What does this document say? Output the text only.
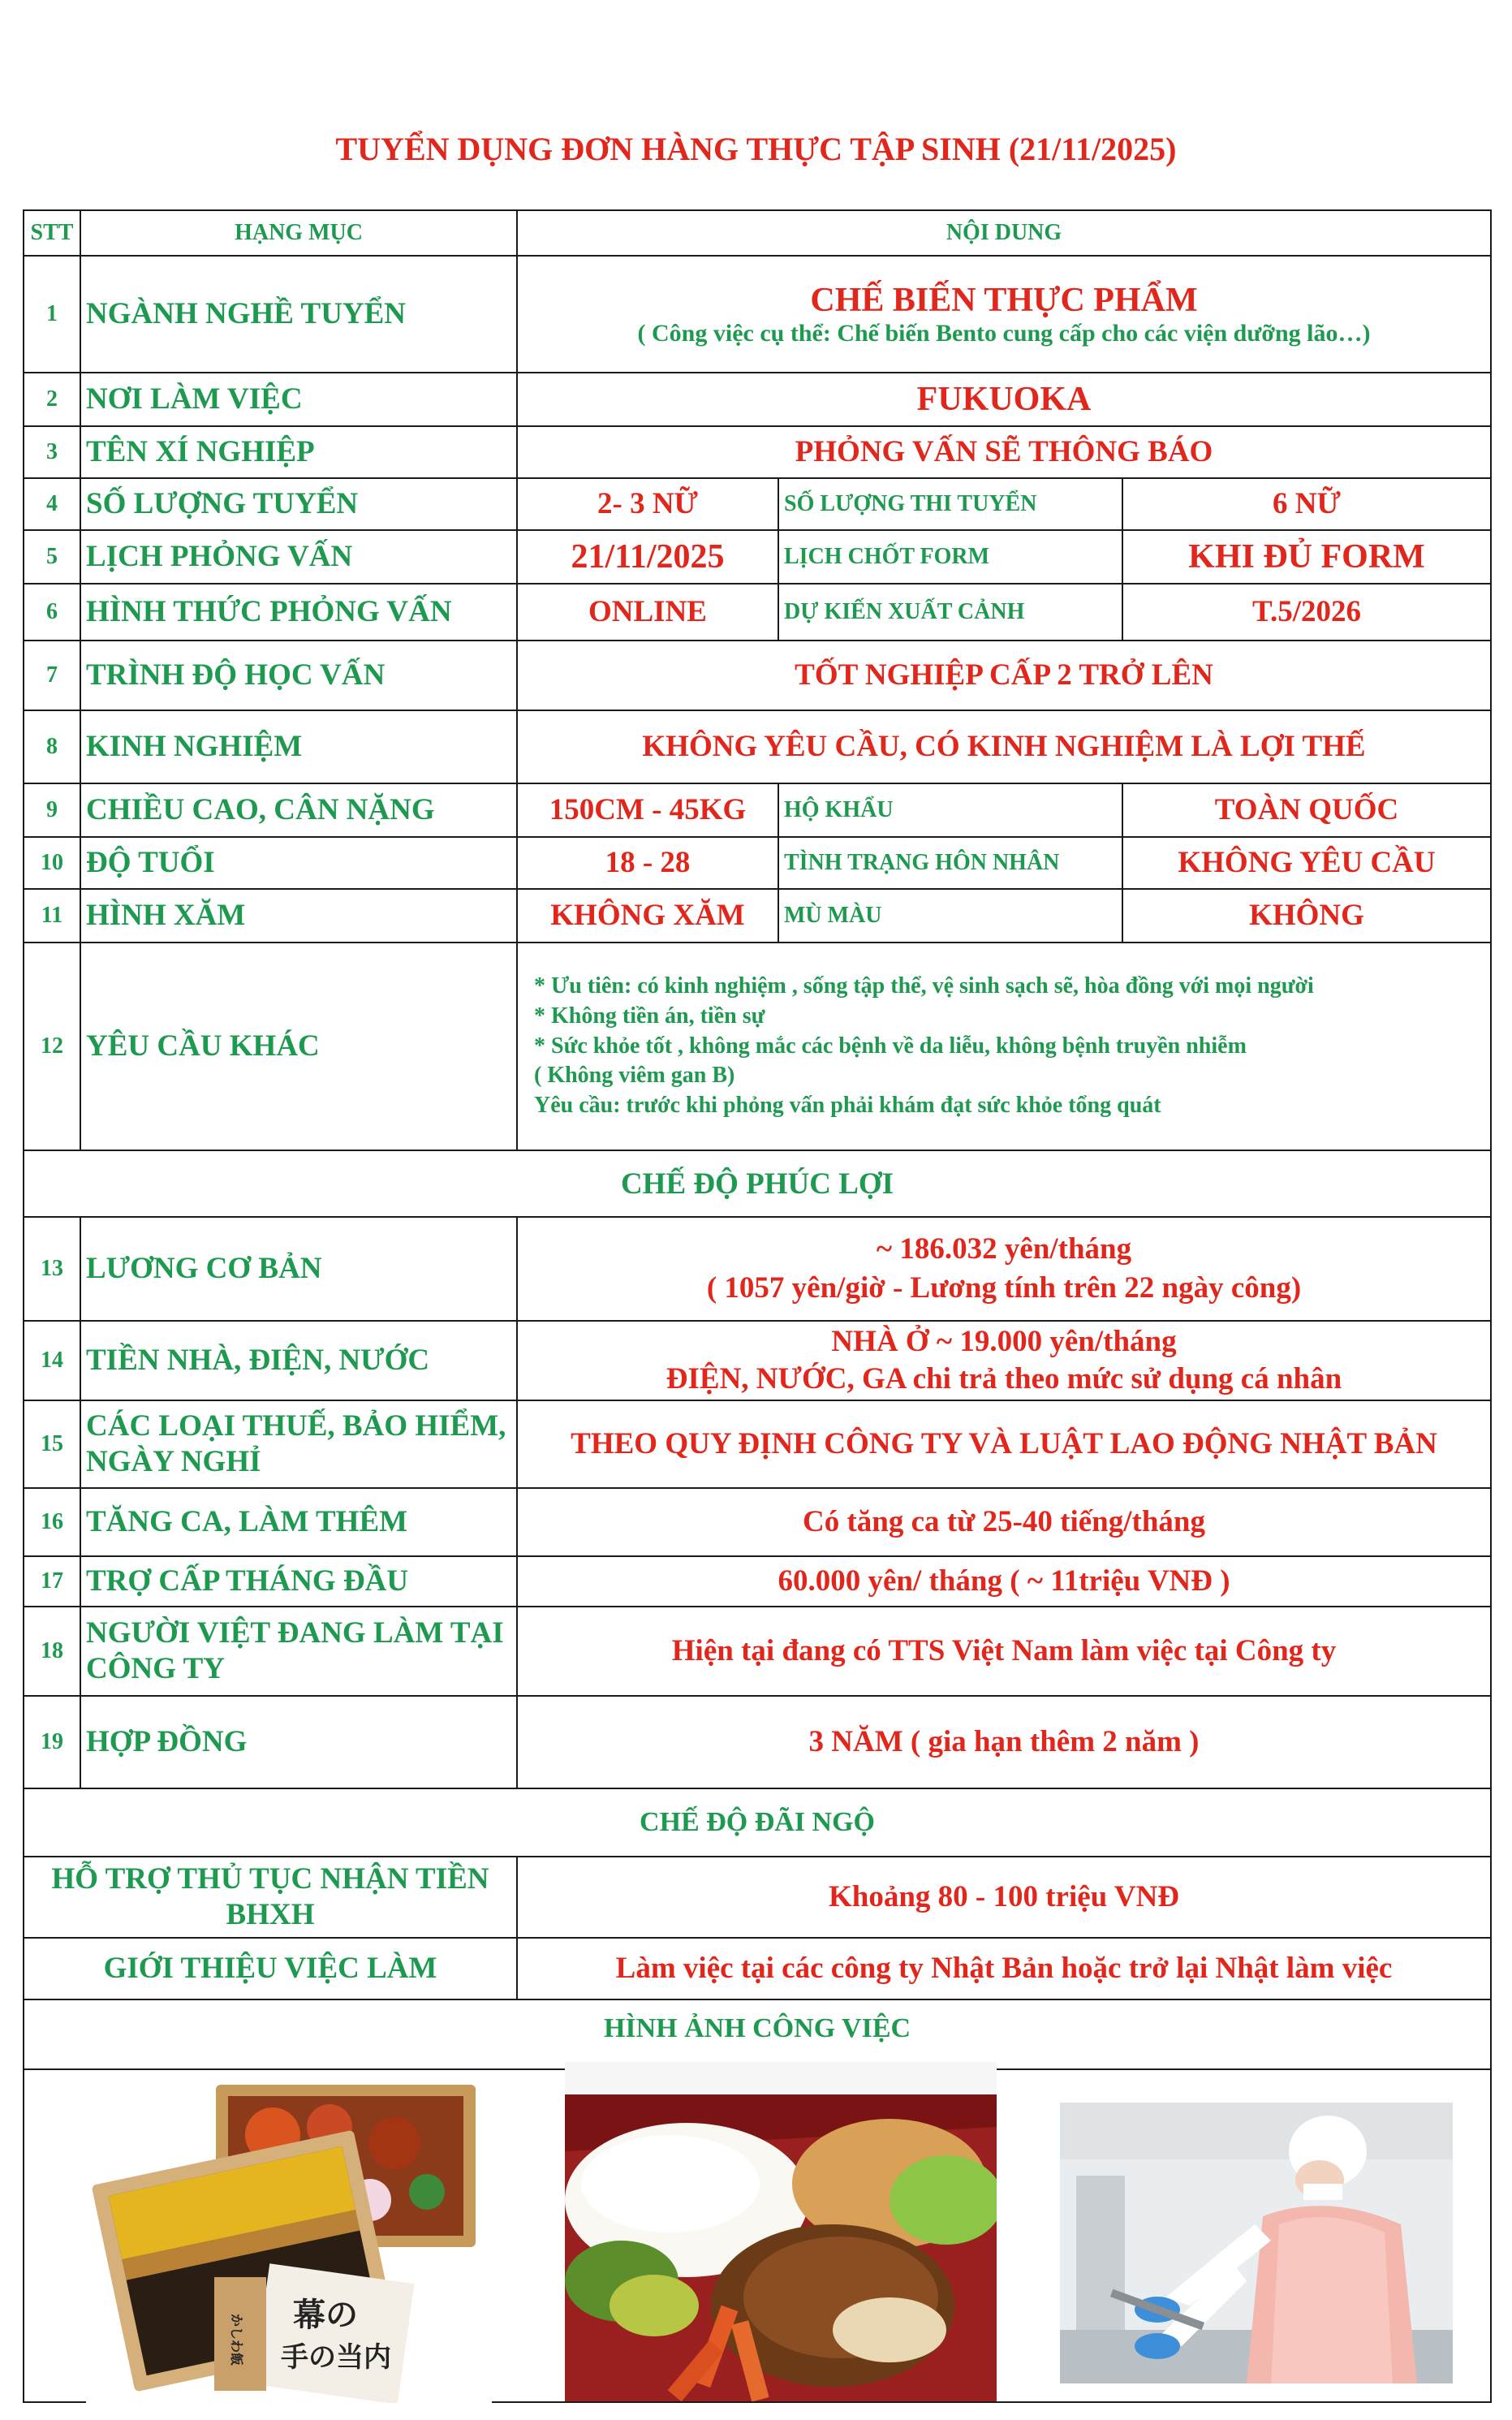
TUYỂN DỤNG ĐƠN HÀNG THỰC TẬP SINH (21/11/2025)
STT	HẠNG MỤC	NỘI DUNG		
1	NGÀNH NGHỀ TUYỂN	CHẾ BIẾN THỰC PHẨM
( Công việc cụ thể: Chế biến Bento cung cấp cho các viện dưỡng lão…)		

2	NƠI LÀM VIỆC	FUKUOKA		
3	TÊN XÍ NGHIỆP	PHỎNG VẤN SẼ THÔNG BÁO		
4	SỐ LƯỢNG TUYỂN	2- 3 NỮ	SỐ LƯỢNG THI TUYỂN	6 NỮ
5	LỊCH PHỎNG VẤN	21/11/2025	LỊCH CHỐT FORM	KHI ĐỦ FORM
6	HÌNH THỨC PHỎNG VẤN	ONLINE	DỰ KIẾN XUẤT CẢNH	T.5/2026
7	TRÌNH ĐỘ HỌC VẤN	TỐT NGHIỆP CẤP 2 TRỞ LÊN		
8	KINH NGHIỆM	KHÔNG YÊU CẦU, CÓ KINH NGHIỆM LÀ LỢI THẾ		
9	CHIỀU CAO, CÂN NẶNG	150CM - 45KG	HỘ KHẨU	TOÀN QUỐC
10	ĐỘ TUỔI	18 - 28	TÌNH TRẠNG HÔN NHÂN	KHÔNG YÊU CẦU
11	HÌNH XĂM	KHÔNG XĂM	MÙ MÀU	KHÔNG
12	YÊU CẦU KHÁC	* Ưu tiên: có kinh nghiệm , sống tập thể, vệ sinh sạch sẽ, hòa đồng với mọi người
* Không tiền án, tiền sự
* Sức khỏe tốt , không mắc các bệnh về da liễu, không bệnh truyền nhiễm
( Không viêm gan B)
Yêu cầu: trước khi phỏng vấn phải khám đạt sức khỏe tổng quát		

CHẾ ĐỘ PHÚC LỢI				
13	LƯƠNG CƠ BẢN	~ 186.032 yên/tháng
( 1057 yên/giờ - Lương tính trên 22 ngày công)		

14	TIỀN NHÀ, ĐIỆN, NƯỚC	NHÀ Ở ~ 19.000 yên/tháng
ĐIỆN, NƯỚC, GA chi trả theo mức sử dụng cá nhân		

15	CÁC LOẠI THUẾ, BẢO HIỂM, NGÀY NGHỈ	THEO QUY ĐỊNH CÔNG TY VÀ LUẬT LAO ĐỘNG NHẬT BẢN		
16	TĂNG CA, LÀM THÊM	Có tăng ca từ 25-40 tiếng/tháng		
17	TRỢ CẤP THÁNG ĐẦU	60.000 yên/ tháng ( ~ 11triệu VNĐ )		
18	NGƯỜI VIỆT ĐANG LÀM TẠI CÔNG TY	Hiện tại đang có TTS Việt Nam làm việc tại Công ty		
19	HỢP ĐỒNG	3 NĂM ( gia hạn thêm 2 năm )		
CHẾ ĐỘ ĐÃI NGỘ				
HỖ TRỢ THỦ TỤC NHẬN TIỀN BHXH		Khoảng 80 - 100 triệu VNĐ		
GIỚI THIỆU VIỆC LÀM		Làm việc tại các công ty Nhật Bản hoặc trở lại Nhật làm việc		
HÌNH ẢNH CÔNG VIỆC				

幕の
手の当内
かしわ飯
